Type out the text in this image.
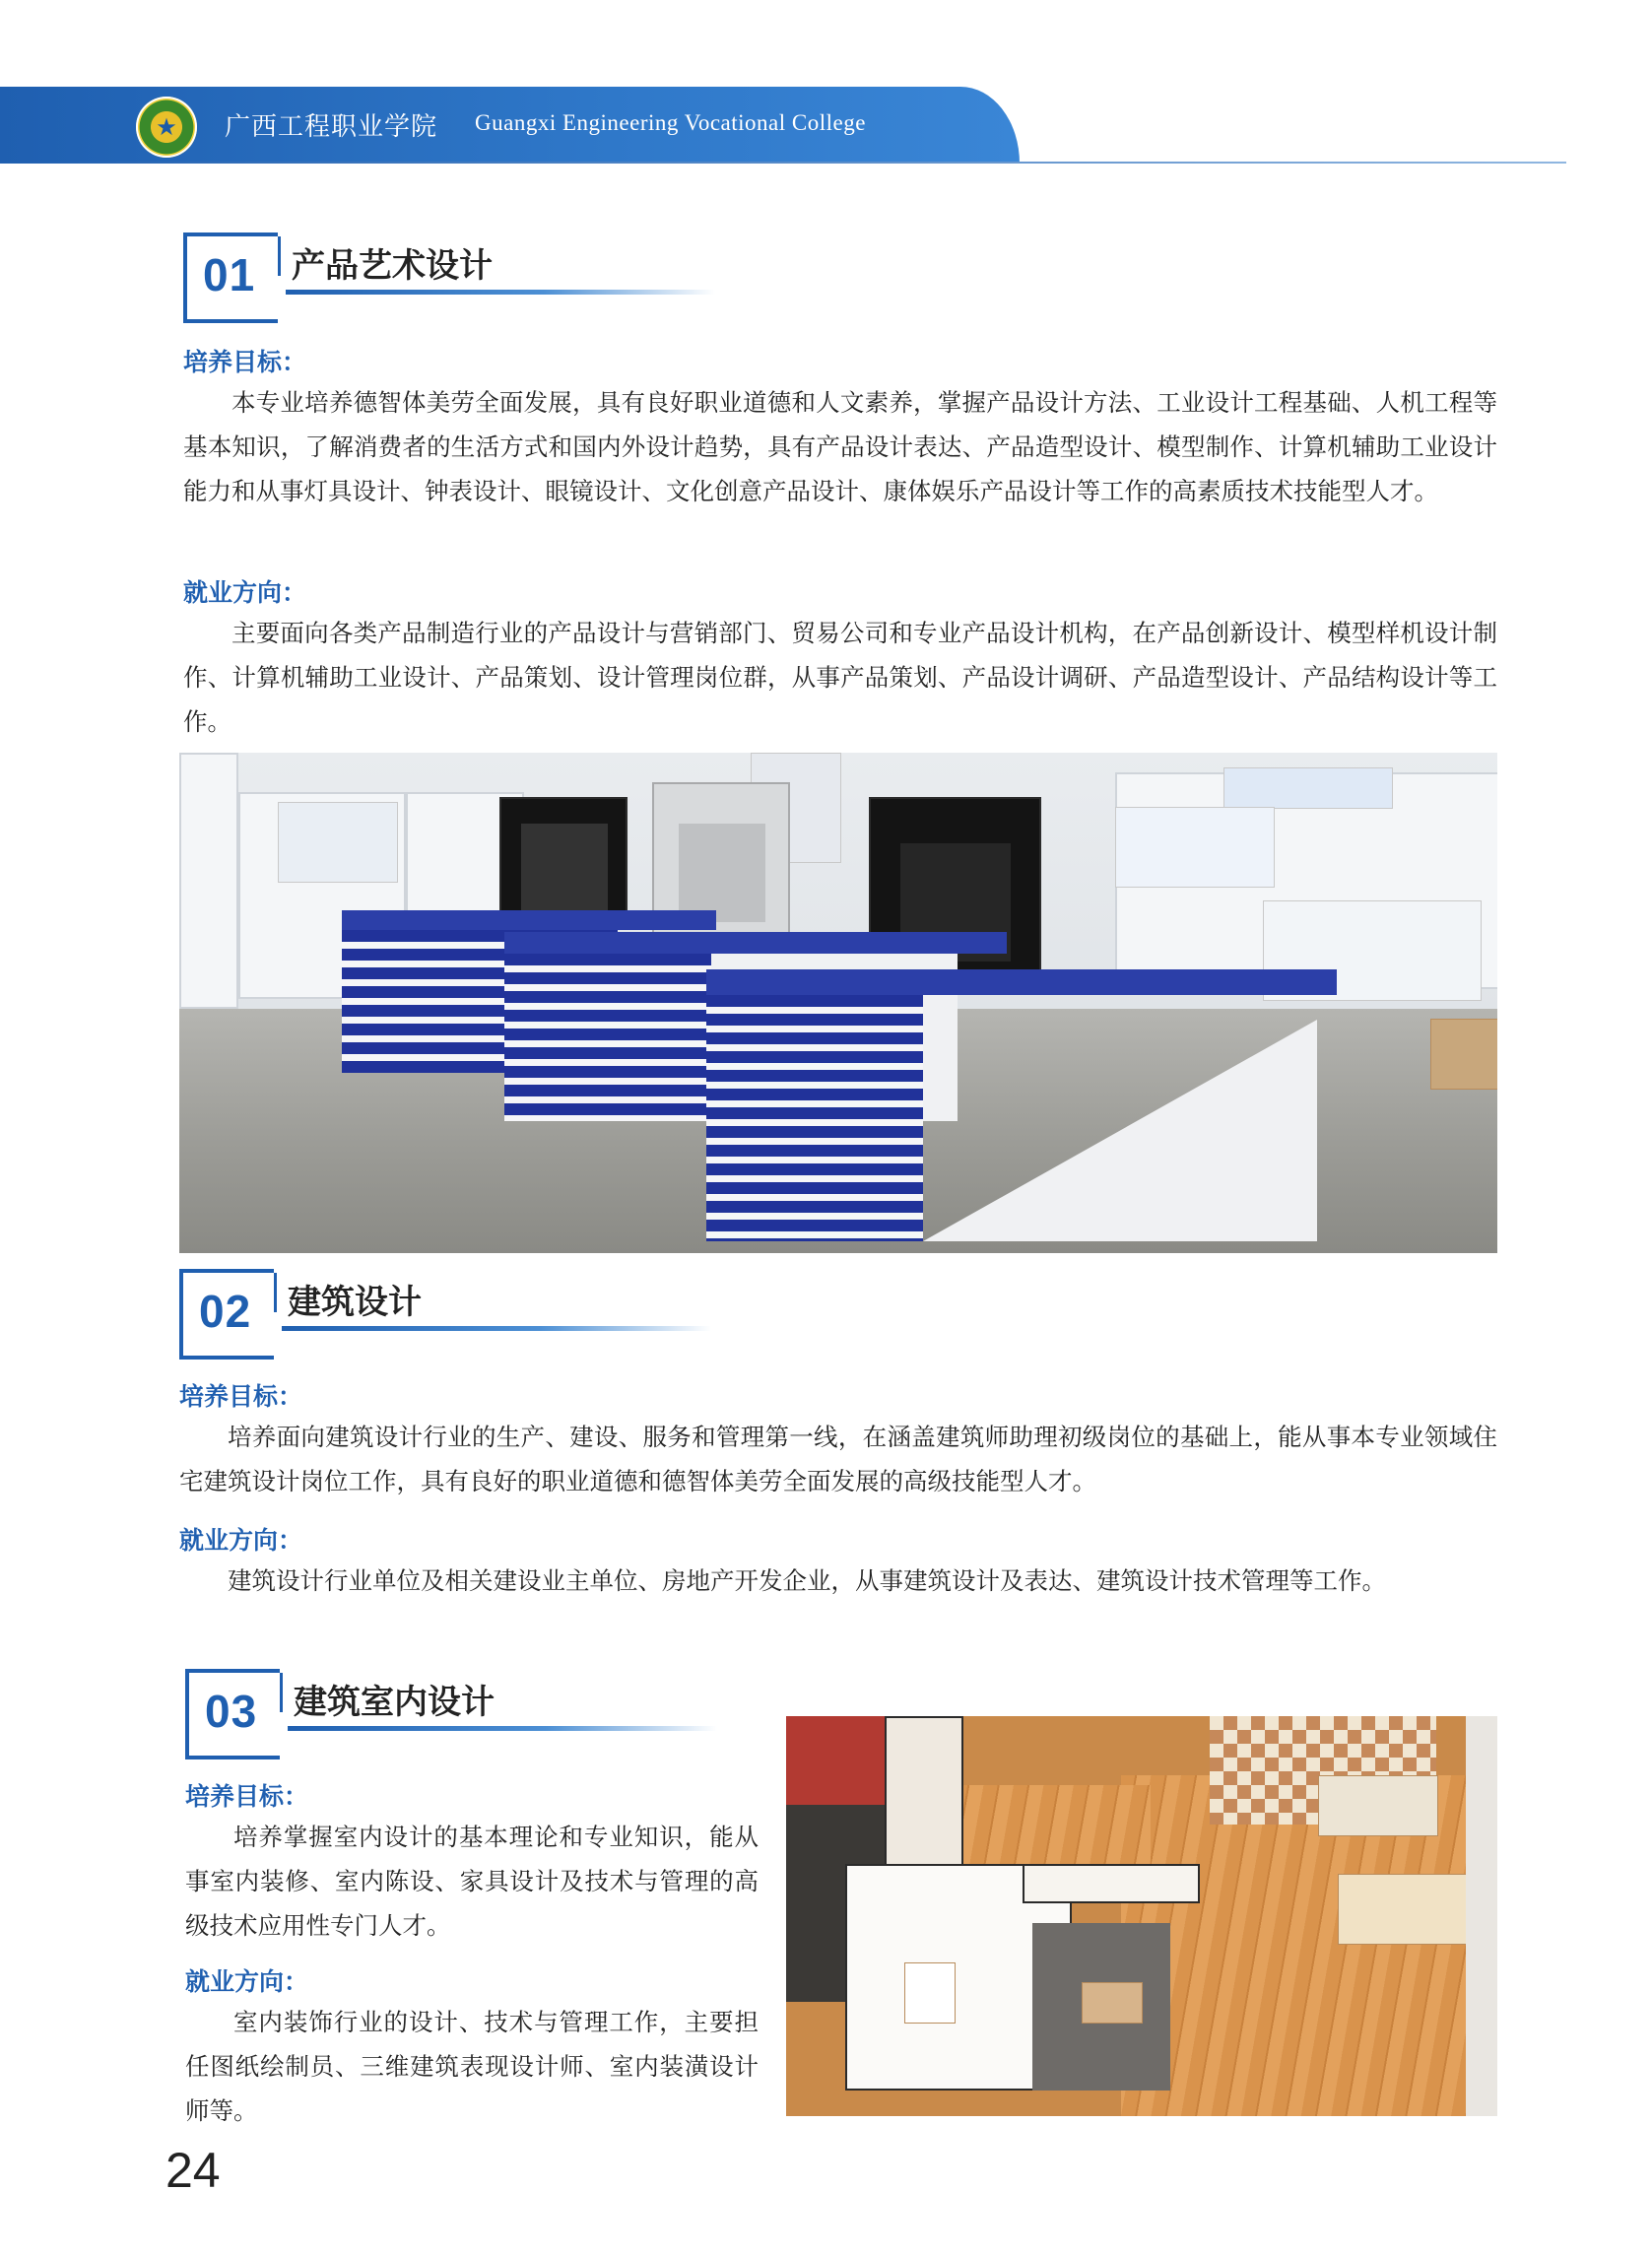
★	广西工程职业学院 Guangxi Engineering Vocational College
01 产品艺术设计
培养目标：
本专业培养德智体美劳全面发展，具有良好职业道德和人文素养，掌握产品设计方法、工业设计工程基础、人机工程等基本知识，了解消费者的生活方式和国内外设计趋势，具有产品设计表达、产品造型设计、模型制作、计算机辅助工业设计能力和从事灯具设计、钟表设计、眼镜设计、文化创意产品设计、康体娱乐产品设计等工作的高素质技术技能型人才。
就业方向：
主要面向各类产品制造行业的产品设计与营销部门、贸易公司和专业产品设计机构，在产品创新设计、模型样机设计制作、计算机辅助工业设计、产品策划、设计管理岗位群，从事产品策划、产品设计调研、产品造型设计、产品结构设计等工作。
02 建筑设计
培养目标：
培养面向建筑设计行业的生产、建设、服务和管理第一线，在涵盖建筑师助理初级岗位的基础上，能从事本专业领域住宅建筑设计岗位工作，具有良好的职业道德和德智体美劳全面发展的高级技能型人才。
就业方向：
建筑设计行业单位及相关建设业主单位、房地产开发企业，从事建筑设计及表达、建筑设计技术管理等工作。
03 建筑室内设计
培养目标：
培养掌握室内设计的基本理论和专业知识，能从事室内装修、室内陈设、家具设计及技术与管理的高级技术应用性专门人才。
就业方向：
室内装饰行业的设计、技术与管理工作，主要担任图纸绘制员、三维建筑表现设计师、室内装潢设计师等。
24
